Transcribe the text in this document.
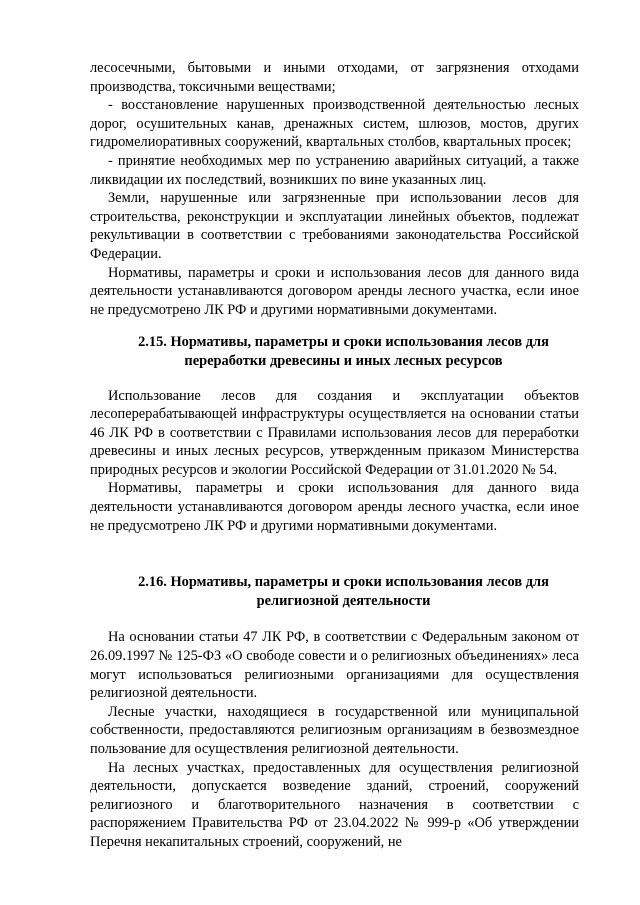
лесосечными, бытовыми и иными отходами, от загрязнения отходами производства, токсичными веществами;

- восстановление нарушенных производственной деятельностью лесных дорог, осушительных канав, дренажных систем, шлюзов, мостов, других гидромелиоративных сооружений, квартальных столбов, квартальных просек;

- принятие необходимых мер по устранению аварийных ситуаций, а также ликвидации их последствий, возникших по вине указанных лиц.

Земли, нарушенные или загрязненные при использовании лесов для строительства, реконструкции и эксплуатации линейных объектов, подлежат рекультивации в соответствии с требованиями законодательства Российской Федерации.

Нормативы, параметры и сроки и использования лесов для данного вида деятельности устанавливаются договором аренды лесного участка, если иное не предусмотрено ЛК РФ и другими нормативными документами.

2.15. Нормативы, параметры и сроки использования лесов для
переработки древесины и иных лесных ресурсов

Использование лесов для создания и эксплуатации объектов лесоперерабатывающей инфраструктуры осуществляется на основании статьи 46 ЛК РФ в соответствии с Правилами использования лесов для переработки древесины и иных лесных ресурсов, утвержденным приказом Министерства природных ресурсов и экологии Российской Федерации от 31.01.2020 № 54.

Нормативы, параметры и сроки использования для данного вида деятельности устанавливаются договором аренды лесного участка, если иное не предусмотрено ЛК РФ и другими нормативными документами.

2.16. Нормативы, параметры и сроки использования лесов для
религиозной деятельности

На основании статьи 47 ЛК РФ, в соответствии с Федеральным законом от 26.09.1997 № 125-ФЗ «О свободе совести и о религиозных объединениях» леса могут использоваться религиозными организациями для осуществления религиозной деятельности.

Лесные участки, находящиеся в государственной или муниципальной собственности, предоставляются религиозным организациям в безвозмездное пользование для осуществления религиозной деятельности.

На лесных участках, предоставленных для осуществления религиозной деятельности, допускается возведение зданий, строений, сооружений религиозного и благотворительного назначения в соответствии с распоряжением Правительства РФ от 23.04.2022 № 999-р «Об утверждении Перечня некапитальных строений, сооружений, не
